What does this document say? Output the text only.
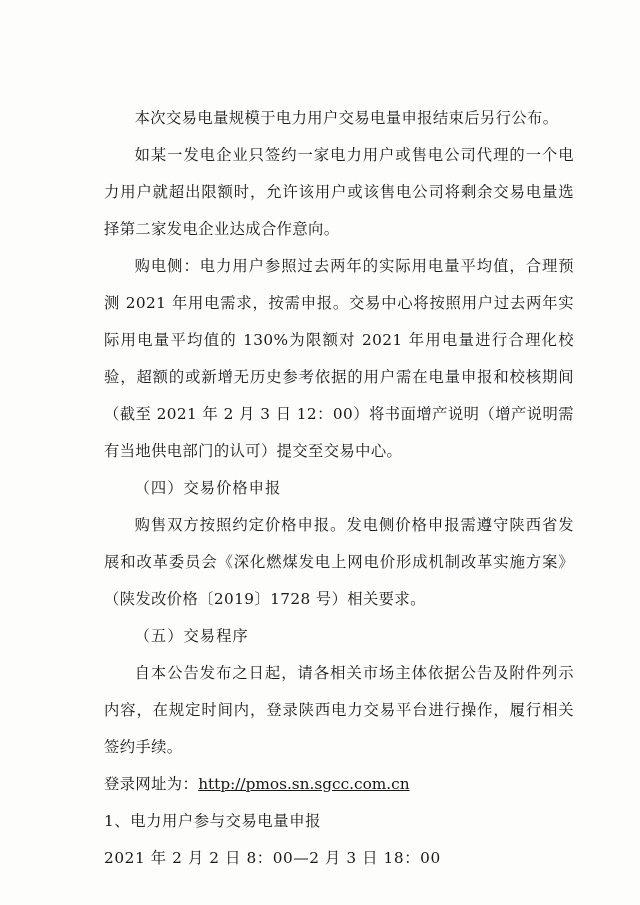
本次交易电量规模于电力用户交易电量申报结束后另行公布。

如某一发电企业只签约一家电力用户或售电公司代理的一个电力用户就超出限额时，允许该用户或该售电公司将剩余交易电量选择第二家发电企业达成合作意向。

购电侧：电力用户参照过去两年的实际用电量平均值，合理预测 2021 年用电需求，按需申报。交易中心将按照用户过去两年实际用电量平均值的 130%为限额对 2021 年用电量进行合理化校验，超额的或新增无历史参考依据的用户需在电量申报和校核期间（截至 2021 年 2 月 3 日 12：00）将书面增产说明（增产说明需有当地供电部门的认可）提交至交易中心。

（四）交易价格申报

购售双方按照约定价格申报。发电侧价格申报需遵守陕西省发展和改革委员会《深化燃煤发电上网电价形成机制改革实施方案》（陕发改价格〔2019〕1728 号）相关要求。

（五）交易程序

自本公告发布之日起，请各相关市场主体依据公告及附件列示内容，在规定时间内，登录陕西电力交易平台进行操作，履行相关签约手续。

登录网址为：http://pmos.sn.sgcc.com.cn

1、电力用户参与交易电量申报

2021 年 2 月 2 日 8：00—2 月 3 日 18：00
